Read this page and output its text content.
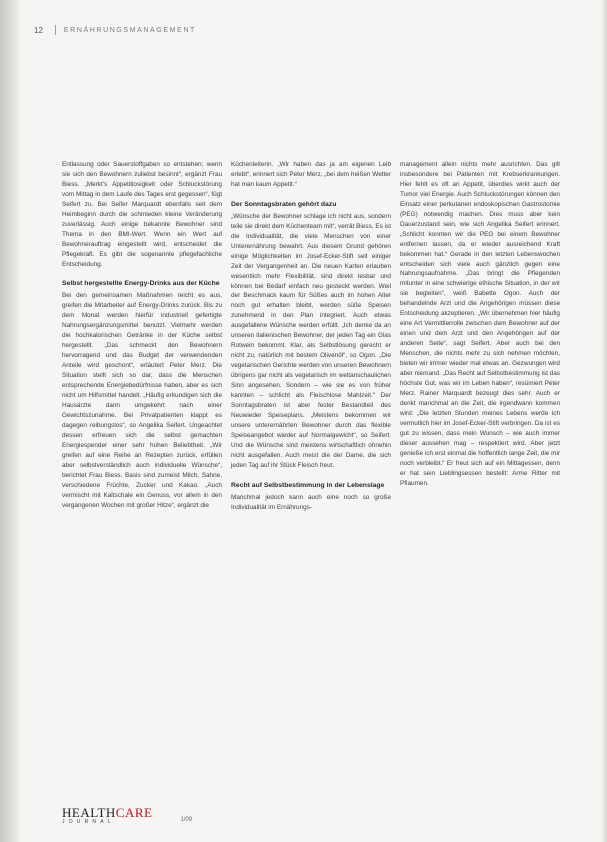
12	ERNÄHRUNGSMANAGEMENT

Entlassung oder Sauerstoffgaben so entstehen; wenn sie sich den Bewohnern zuliebst besinnt“, ergänzt Frau Biess. „Merkt’s Appetitlosigkeit oder Schluckstörung vom Mittag in dem Laufe des Tages erst gegessen“, fügt Seifert zu. Bei Seifer Marquardt ebenfalls seit dem Heimbeginn durch die schmieden kleine Veränderung zuverlässig. Auch einige bekannte Bewohner sind Thema in den BMI-Wert. Wenn ein Wert auf Bewohnerauftrag eingestellt wird, entscheidet die Pflegekraft. Es gibt die sogenannte pflegefachliche Entscheidung.

Selbst hergestellte Energy-Drinks aus der Küche

Bei den gemeinsamen Maßnahmen reicht es aus, greifen die Mitarbeiter auf Energy-Drinks zurück. Bis zu dem Monat werden hierfür industriell gefertigte Nahrungsergänzungsmittel benutzt. Vielmehr werden die hochkalorischen Getränke in der Küche selbst hergestellt. „Das schmeckt den Bewohnern hervorragend und das Budget der verwendenden Anteile wird geschont“, erläutert Peter Merz. Die Situation stellt sich so dar, dass die Menschen entsprechende Energiebedürfnisse haben, aber es sich nicht um Hilfsmittel handelt. „Häufig erkundigen sich die Hausärzte dann umgekehrt nach einer Gewichtszunahme. Bei Privatpatienten klappt es dagegen reibungslos“, so Angelika Seifert. Ungeachtet dessen erfreuen sich die selbst gemachten Energiespender einer sehr hohen Beliebtheit. „Wir greifen auf eine Reihe an Rezepten zurück, erfüllen aber selbstverständlich auch individuelle Wünsche“, berichtet Frau Biess. Basis sind zumeist Milch, Sahne, verschiedene Früchte, Zucker und Kakao. „Auch vermischt mit Kaltschale ein Genuss, vor allem in den vergangenen Wochen mit großer Hitze“, ergänzt die

Küchenleiterin. „Wir haben das ja am eigenen Leib erlebt“, erinnert sich Peter Merz, „bei dem heißen Wetter hat man kaum Appetit.“

Der Sonntagsbraten gehört dazu

„Wünsche der Bewohner schlage ich nicht aus, sondern teile sie direkt dem Küchenteam mit“, verrät Biess. Es ist die Individualität, die viele Menschen von einer Unterernährung bewahrt. Aus diesem Grund gehören einige Möglichkeiten im Josef-Ecker-Stift seit einiger Zeit der Vergangenheit an. Die neuen Karten erlauben wesentlich mehr Flexibilität, sind direkt lesbar und können bei Bedarf einfach neu gesteckt werden. Weil der Beschmack kaum für Süßes auch im hohen Alter noch gut erhalten bleibt, werden süße Speisen zunehmend in den Plan integriert. Auch etwas ausgefallene Wünsche werden erfüllt. „Ich denke da an unseren italienischen Bewohner, der jeden Tag ein Glas Rotwein bekommt. Klar, als Selbstlösung gerecht er nicht zu, natürlich mit bestem Olivenöl“, so Ogon. „Die vegetarischen Gerichte werden von unseren Bewohnern übrigens gar nicht als vegetarisch im weltanschaulichen Sinn angesehen. Sondern – wie sie es von früher kannten – schlicht als Fleischlose Mahlzeit.“ Der Sonntagsbraten ist aber fester Bestandteil des Neuwieder Speiseplans. „Meistens bekommen wir unsere unterernährten Bewohner durch das flexible Speiseangebot wieder auf Normalgewicht“, so Seifert. Und die Wünsche sind meistens wirtschaftlich ohnehin nicht ausgefallen. Auch meist die der Dame, die sich jeden Tag auf ihr Stück Fleisch freut.

Recht auf Selbstbestimmung in der Lebenslage

Manchmal jedoch kann auch eine noch so große Individualität im Ernährungs-

management allein nichts mehr ausrichten. Das gilt insbesondere bei Patienten mit Krebserkrankungen. Hier fehlt es oft an Appetit, überdies wirkt auch der Tumor viel Energie. Auch Schluckstörungen können den Einsatz einer perkutanen endoskopischen Gastrostomie (PEG) notwendig machen. Dies muss aber kein Dauerzustand sein, wie sich Angelika Seifert erinnert. „Schlicht konnten wir die PEG bei einem Bewohner entfernen lassen, da er wieder ausreichend Kraft bekommen hat.“ Gerade in den letzten Lebenswochen entscheiden sich viele auch gänzlich gegen eine Nahrungsaufnahme. „Das bringt die Pflegenden mitunter in eine schwierige ethische Situation, in der wir sie begleiten“, weiß Babette Ogon. Auch der behandelnde Arzt und die Angehörigen müssen diese Entscheidung akzeptieren. „Wir übernehmen hier häufig eine Art Vermittlerrolle zwischen dem Bewohner auf der einen und dem Arzt und den Angehörigen auf der anderen Seite“, sagt Seifert. Aber auch bei den Menschen, die nichts mehr zu sich nehmen möchten, bieten wir immer wieder mal etwas an. Gezwungen wird aber niemand. „Das Recht auf Selbstbestimmung ist das höchste Gut, was wir im Leben haben“, resümiert Peter Merz. Rainer Marquardt bezeugt dies sehr. Auch er denkt manchmal an die Zeit, die irgendwann kommen wird: „Die letzten Stunden meines Lebens werde ich vermutlich hier im Josef-Ecker-Stift verbringen. Da ist es gut zu wissen, dass mein Wunsch – wie auch immer dieser aussehen mag – respektiert wird. Aber jetzt genieße ich erst einmal die hoffentlich lange Zeit, die mir noch verbleibt.“ Er freut sich auf ein Mittagessen, denn er hat sein Lieblingsessen bestellt: Arme Ritter mit Pflaumen.

HEALTHCARE
JOURNAL	1/09
